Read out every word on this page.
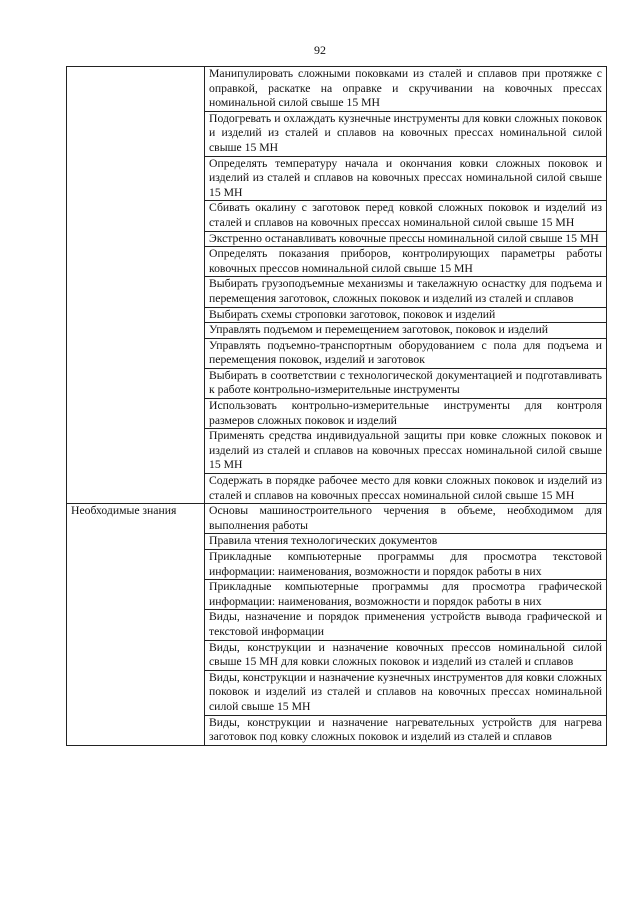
92
	Манипулировать сложными поковками из сталей и сплавов при протяжке с оправкой, раскатке на оправке и скручивании на ковочных прессах номинальной силой свыше 15 МН
	Подогревать и охлаждать кузнечные инструменты для ковки сложных поковок и изделий из сталей и сплавов на ковочных прессах номинальной силой свыше 15 МН
	Определять температуру начала и окончания ковки сложных поковок и изделий из сталей и сплавов на ковочных прессах номинальной силой свыше 15 МН
	Сбивать окалину с заготовок перед ковкой сложных поковок и изделий из сталей и сплавов на ковочных прессах номинальной силой свыше 15 МН
	Экстренно останавливать ковочные прессы номинальной силой свыше 15 МН
	Определять показания приборов, контролирующих параметры работы ковочных прессов номинальной силой свыше 15 МН
	Выбирать грузоподъемные механизмы и такелажную оснастку для подъема и перемещения заготовок, сложных поковок и изделий из сталей и сплавов
	Выбирать схемы строповки заготовок, поковок и изделий
	Управлять подъемом и перемещением заготовок, поковок и изделий
	Управлять подъемно-транспортным оборудованием с пола для подъема и перемещения поковок, изделий и заготовок
	Выбирать в соответствии с технологической документацией и подготавливать к работе контрольно-измерительные инструменты
	Использовать контрольно-измерительные инструменты для контроля размеров сложных поковок и изделий
	Применять средства индивидуальной защиты при ковке сложных поковок и изделий из сталей и сплавов на ковочных прессах номинальной силой свыше 15 МН
	Содержать в порядке рабочее место для ковки сложных поковок и изделий из сталей и сплавов на ковочных прессах номинальной силой свыше 15 МН
Необходимые знания	Основы машиностроительного черчения в объеме, необходимом для выполнения работы
	Правила чтения технологических документов
	Прикладные компьютерные программы для просмотра текстовой информации: наименования, возможности и порядок работы в них
	Прикладные компьютерные программы для просмотра графической информации: наименования, возможности и порядок работы в них
	Виды, назначение и порядок применения устройств вывода графической и текстовой информации
	Виды, конструкции и назначение ковочных прессов номинальной силой свыше 15 МН для ковки сложных поковок и изделий из сталей и сплавов
	Виды, конструкции и назначение кузнечных инструментов для ковки сложных поковок и изделий из сталей и сплавов на ковочных прессах номинальной силой свыше 15 МН
	Виды, конструкции и назначение нагревательных устройств для нагрева заготовок под ковку сложных поковок и изделий из сталей и сплавов
